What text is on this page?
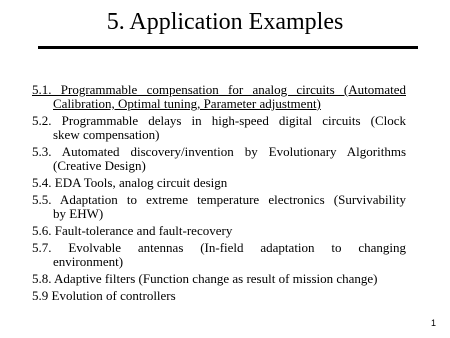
5. Application Examples
5.1. Programmable compensation for analog circuits (Automated
Calibration, Optimal tuning, Parameter adjustment)
5.2. Programmable delays in high-speed digital circuits (Clock
skew compensation)
5.3. Automated discovery/invention by Evolutionary Algorithms
(Creative Design)
5.4. EDA Tools, analog circuit design
5.5. Adaptation to extreme temperature electronics (Survivability
by EHW)
5.6. Fault-tolerance and fault-recovery
5.7. Evolvable antennas (In-field adaptation to changing
environment)
5.8. Adaptive filters (Function change as result of mission change)
5.9 Evolution of controllers
1
